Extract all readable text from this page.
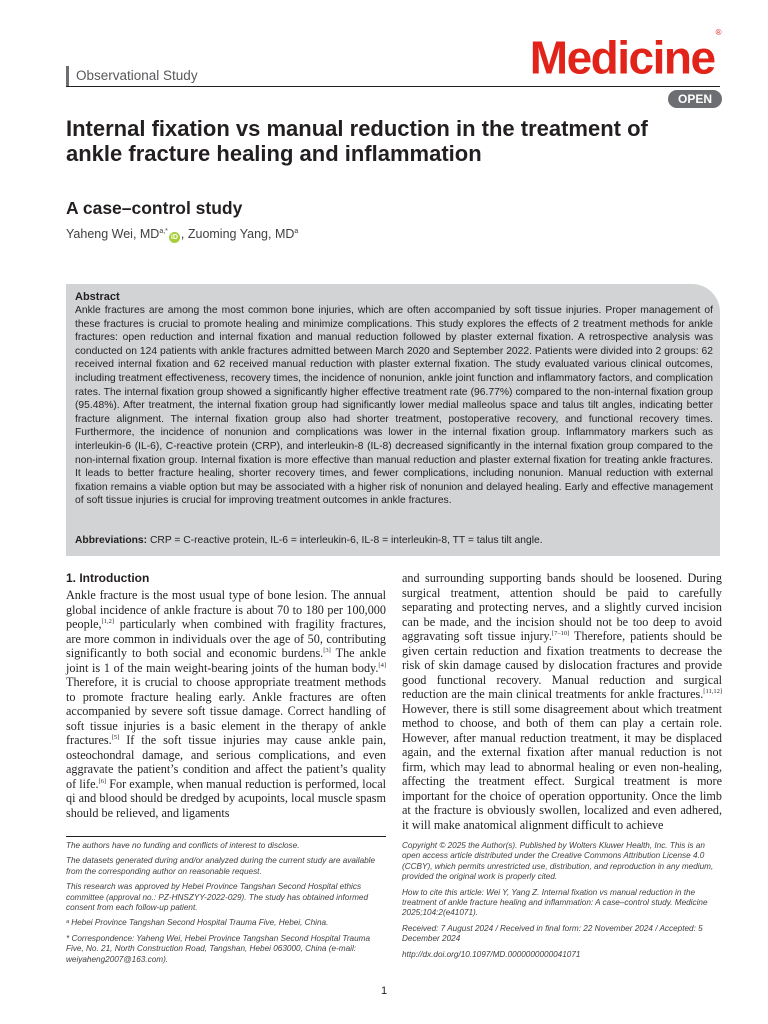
Observational Study	Medicine®
OPEN
Internal fixation vs manual reduction in the treatment of ankle fracture healing and inflammation
A case–control study
Yaheng Wei, $MD^{a,*}iD$ , Zuoming Yang, $MD^a$
Abstract
Ankle fractures are among the most common bone injuries, which are often accompanied by soft tissue injuries. Proper management of these fractures is crucial to promote healing and minimize complications. This study explores the effects of 2 treatment methods for ankle fractures: open reduction and internal fixation and manual reduction followed by plaster external fixation. A retrospective analysis was conducted on 124 patients with ankle fractures admitted between March 2020 and September 2022. Patients were divided into 2 groups: 62 received internal fixation and 62 received manual reduction with plaster external fixation. The study evaluated various clinical outcomes, including treatment effectiveness, recovery times, the incidence of nonunion, ankle joint function and inflammatory factors, and complication rates. The internal fixation group showed a significantly higher effective treatment rate (96.77%) compared to the non-internal fixation group (95.48%). After treatment, the internal fixation group had significantly lower medial malleolus space and talus tilt angles, indicating better fracture alignment. The internal fixation group also had shorter treatment, postoperative recovery, and functional recovery times. Furthermore, the incidence of nonunion and complications was lower in the internal fixation group. Inflammatory markers such as interleukin-6 (IL-6), C-reactive protein (CRP), and interleukin-8 (IL-8) decreased significantly in the internal fixation group compared to the non-internal fixation group. Internal fixation is more effective than manual reduction and plaster external fixation for treating ankle fractures. It leads to better fracture healing, shorter recovery times, and fewer complications, including nonunion. Manual reduction with external fixation remains a viable option but may be associated with a higher risk of nonunion and delayed healing. Early and effective management of soft tissue injuries is crucial for improving treatment outcomes in ankle fractures.
Abbreviations: CRP = C-reactive protein, IL-6 = interleukin-6, IL-8 = interleukin-8, TT = talus tilt angle.
1. Introduction
Ankle fracture is the most usual type of bone lesion. The annual global incidence of ankle fracture is about 70 to 180 per 100,000 people,[1,2] particularly when combined with fragility fractures, are more common in individuals over the age of 50, contributing significantly to both social and economic burdens.[3] The ankle joint is 1 of the main weight-bearing joints of the human body.[4] Therefore, it is crucial to choose appropriate treatment methods to promote fracture healing early. Ankle fractures are often accompanied by severe soft tissue damage. Correct handling of soft tissue injuries is a basic element in the therapy of ankle fractures.[5] If the soft tissue injuries may cause ankle pain, osteochondral damage, and serious complications, and even aggravate the patient’s condition and affect the patient’s quality of life.[6] For example, when manual reduction is performed, local qi and blood should be dredged by acupoints, local muscle spasm should be relieved, and ligaments
and surrounding supporting bands should be loosened. During surgical treatment, attention should be paid to carefully separating and protecting nerves, and a slightly curved incision can be made, and the incision should not be too deep to avoid aggravating soft tissue injury.[7–10] Therefore, patients should be given certain reduction and fixation treatments to decrease the risk of skin damage caused by dislocation fractures and provide good functional recovery. Manual reduction and surgical reduction are the main clinical treatments for ankle fractures.[11,12] However, there is still some disagreement about which treatment method to choose, and both of them can play a certain role. However, after manual reduction treatment, it may be displaced again, and the external fixation after manual reduction is not firm, which may lead to abnormal healing or even non-healing, affecting the treatment effect. Surgical treatment is more important for the choice of operation opportunity. Once the limb at the fracture is obviously swollen, localized and even adhered, it will make anatomical alignment difficult to achieve

The authors have no funding and conflicts of interest to disclose.

The datasets generated during and/or analyzed during the current study are available from the corresponding author on reasonable request.

This research was approved by Hebei Province Tangshan Second Hospital ethics committee (approval no.: PZ-HNSZYY-2022-029). The study has obtained informed consent from each follow-up patient.

ᵃ Hebei Province Tangshan Second Hospital Trauma Five, Hebei, China.

* Correspondence: Yaheng Wei, Hebei Province Tangshan Second Hospital Trauma Five, No. 21, North Construction Road, Tangshan, Hebei 063000, China (e-mail: weiyaheng2007@163.com).

Copyright © 2025 the Author(s). Published by Wolters Kluwer Health, Inc. This is an open access article distributed under the Creative Commons Attribution License 4.0 (CCBY), which permits unrestricted use, distribution, and reproduction in any medium, provided the original work is properly cited.

How to cite this article: Wei Y, Yang Z. Internal fixation vs manual reduction in the treatment of ankle fracture healing and inflammation: A case–control study. Medicine 2025;104:2(e41071).

Received: 7 August 2024 / Received in final form: 22 November 2024 / Accepted: 5 December 2024

http://dx.doi.org/10.1097/MD.0000000000041071

1
